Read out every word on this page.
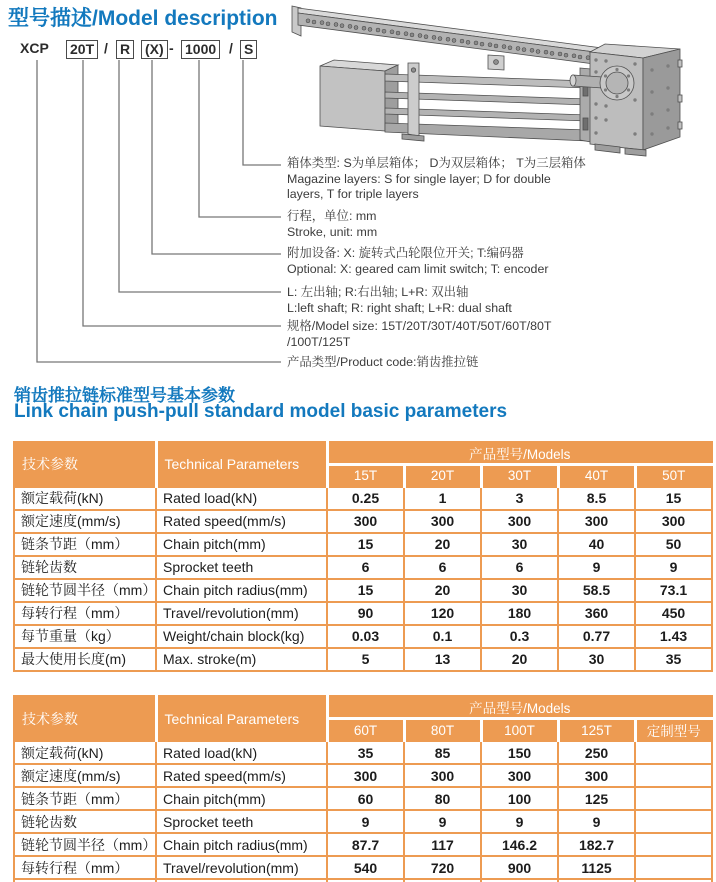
型号描述/Model description
XCP 20T / R (X) - 1000 / S
箱体类型: S为单层箱体； D为双层箱体； T为三层箱体
Magazine layers: S for single layer; D for double
layers, T for triple layers
行程，单位: mm
Stroke, unit: mm
附加设备: X: 旋转式凸轮限位开关; T:编码器
Optional: X: geared cam limit switch; T: encoder
L: 左出轴; R:右出轴; L+R: 双出轴
L:left shaft; R: right shaft; L+R: dual shaft
规格/Model size: 15T/20T/30T/40T/50T/60T/80T
/100T/125T
产品类型/Product code:销齿推拉链
销齿推拉链标准型号基本参数
Link chain push-pull standard model basic parameters
技术参数	Technical Parameters	产品型号/Models				
		15T	20T	30T	40T	50T
额定载荷(kN)	Rated load(kN)	0.25	1	3	8.5	15
额定速度(mm/s)	Rated speed(mm/s)	300	300	300	300	300
链条节距（mm）	Chain pitch(mm)	15	20	30	40	50
链轮齿数	Sprocket teeth	6	6	6	9	9
链轮节圆半径（mm）	Chain pitch radius(mm)	15	20	30	58.5	73.1
每转行程（mm）	Travel/revolution(mm)	90	120	180	360	450
每节重量（kg）	Weight/chain block(kg)	0.03	0.1	0.3	0.77	1.43
最大使用长度(m)	Max. stroke(m)	5	13	20	30	35
技术参数	Technical Parameters	产品型号/Models				
		60T	80T	100T	125T	定制型号
额定载荷(kN)	Rated load(kN)	35	85	150	250	
额定速度(mm/s)	Rated speed(mm/s)	300	300	300	300	
链条节距（mm）	Chain pitch(mm)	60	80	100	125	
链轮齿数	Sprocket teeth	9	9	9	9	
链轮节圆半径（mm）	Chain pitch radius(mm)	87.7	117	146.2	182.7	
每转行程（mm）	Travel/revolution(mm)	540	720	900	1125	
